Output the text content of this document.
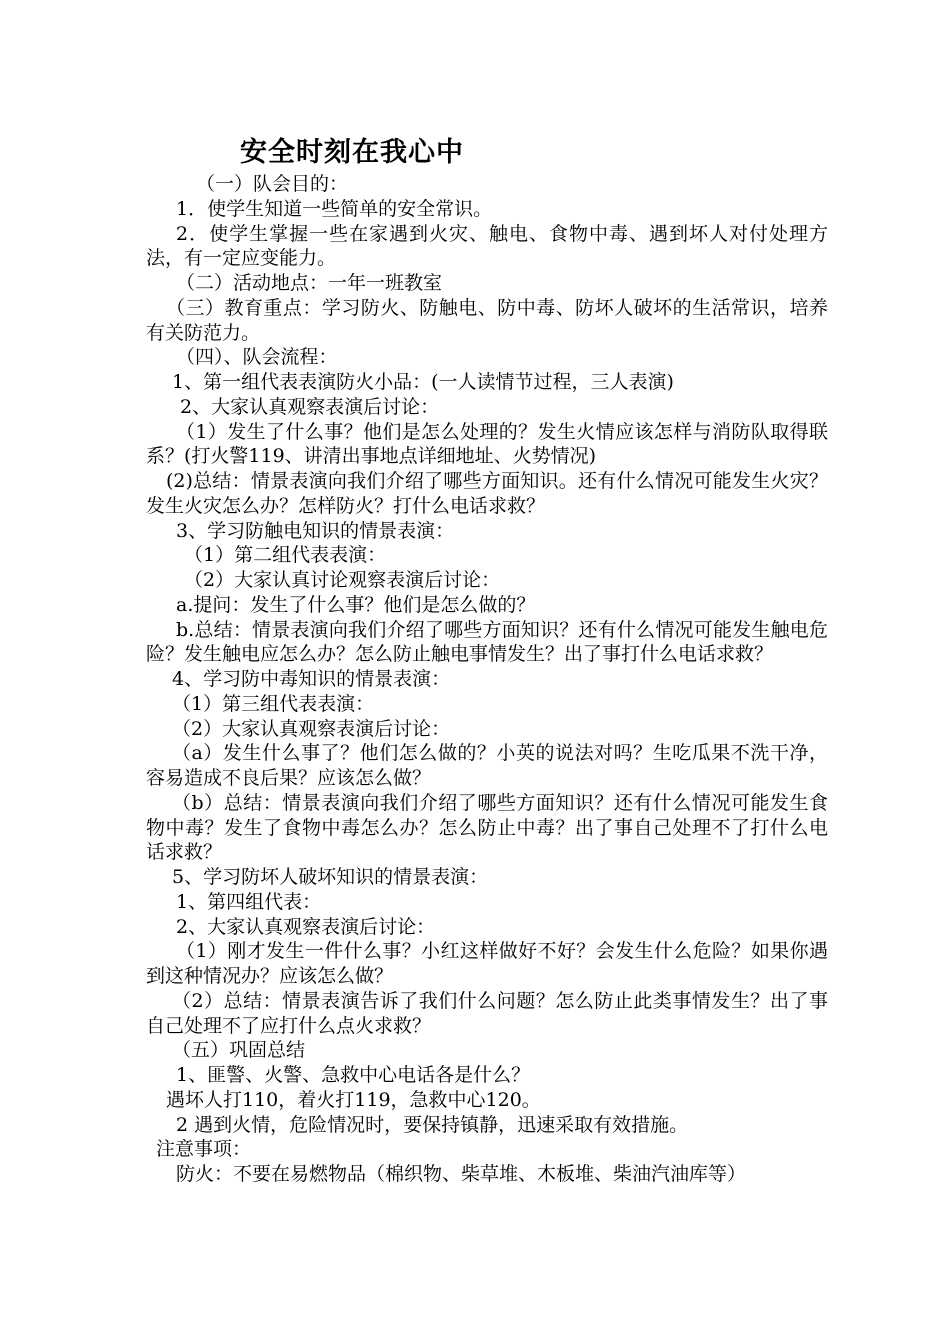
安全时刻在我心中

（一）队会目的：

1．使学生知道一些简单的安全常识。

2．使学生掌握一些在家遇到火灾、触电、食物中毒、遇到坏人对付处理方法，有一定应变能力。

（二）活动地点：一年一班教室

（三）教育重点：学习防火、防触电、防中毒、防坏人破坏的生活常识，培养有关防范力。

（四）、队会流程：

1、第一组代表表演防火小品：(一人读情节过程，三人表演)

2、大家认真观察表演后讨论：

（1）发生了什么事？他们是怎么处理的？发生火情应该怎样与消防队取得联系？(打火警119、讲清出事地点详细地址、火势情况)

(2)总结：情景表演向我们介绍了哪些方面知识。还有什么情况可能发生火灾？发生火灾怎么办？怎样防火？打什么电话求救？

3、学习防触电知识的情景表演：

（1）第二组代表表演：

（2）大家认真讨论观察表演后讨论：

a.提问：发生了什么事？他们是怎么做的？

b.总结：情景表演向我们介绍了哪些方面知识？还有什么情况可能发生触电危险？发生触电应怎么办？怎么防止触电事情发生？出了事打什么电话求救？

4、学习防中毒知识的情景表演：

（1）第三组代表表演：

（2）大家认真观察表演后讨论：

（a）发生什么事了？他们怎么做的？小英的说法对吗？生吃瓜果不洗干净，容易造成不良后果？应该怎么做？

（b）总结：情景表演向我们介绍了哪些方面知识？还有什么情况可能发生食物中毒？发生了食物中毒怎么办？怎么防止中毒？出了事自己处理不了打什么电话求救？

5、学习防坏人破坏知识的情景表演：

1、第四组代表：

2、大家认真观察表演后讨论：

（1）刚才发生一件什么事？小红这样做好不好？会发生什么危险？如果你遇到这种情况办？应该怎么做？

（2）总结：情景表演告诉了我们什么问题？怎么防止此类事情发生？出了事自己处理不了应打什么点火求救？

（五）巩固总结

1、匪警、火警、急救中心电话各是什么？

遇坏人打110，着火打119，急救中心120。

2 遇到火情，危险情况时，要保持镇静，迅速采取有效措施。

注意事项：

防火：不要在易燃物品（棉织物、柴草堆、木板堆、柴油汽油库等）
